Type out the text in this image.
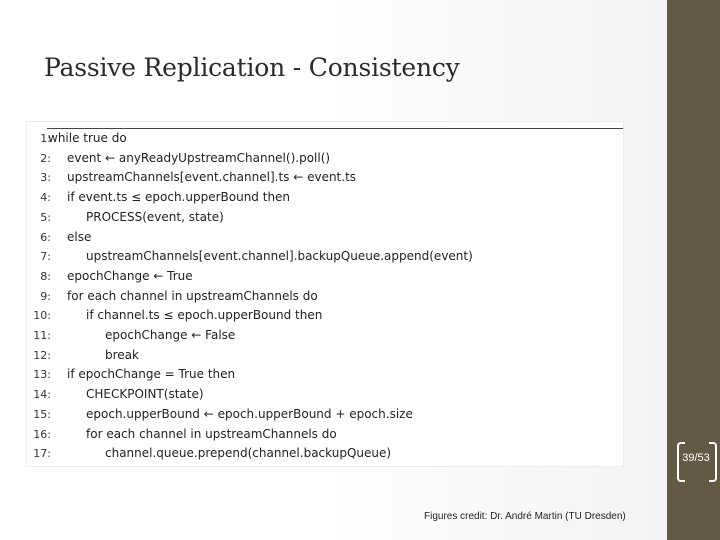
Passive Replication - Consistency
1:
while true do
2: event ← anyReadyUpstreamChannel().poll()
3: upstreamChannels[event.channel].ts ← event.ts
4: if event.ts ≤ epoch.upperBound then
5:	PROCESS(event, state)
6: else
7:	upstreamChannels[event.channel].backupQueue.append(event)
8: epochChange ← True
9: for each channel in upstreamChannels do
10:	if channel.ts ≤ epoch.upperBound then
11:	epochChange ← False
12:	break
13: if epochChange = True then
14:	CHECKPOINT(state)
15:	epoch.upperBound ← epoch.upperBound + epoch.size
16:	for each channel in upstreamChannels do
17:	channel.queue.prepend(channel.backupQueue)	39/53
Figures credit: Dr. André Martin (TU Dresden)
